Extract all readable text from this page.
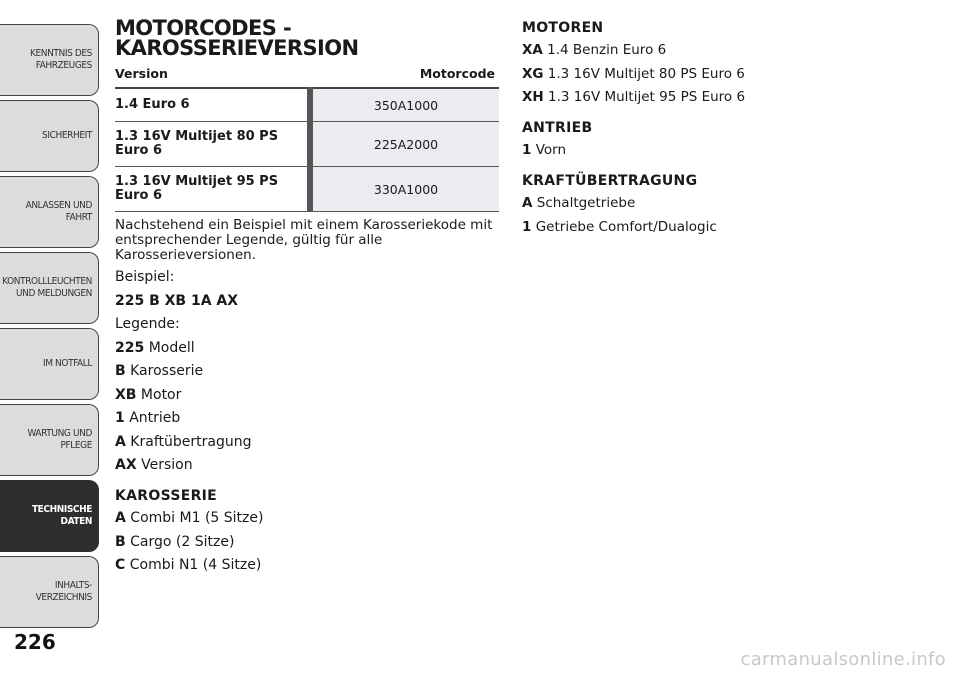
KENNTNIS DES
FAHRZEUGES
SICHERHEIT
ANLASSEN UND
FAHRT
KONTROLLLEUCHTEN
UND MELDUNGEN
IM NOTFALL
WARTUNG UND
PFLEGE
TECHNISCHE
DATEN
INHALTS-
VERZEICHNIS
226
MOTORCODES -
KAROSSERIEVERSION
Version	Motorcode
1.4 Euro 6	350A1000
1.3 16V Multijet 80 PS Euro 6	225A2000
1.3 16V Multijet 95 PS Euro 6	330A1000

Nachstehend ein Beispiel mit einem Karosseriekode mit entsprechender Legende, gültig für alle Karosserieversionen.

Beispiel:

225 B XB 1A AX

Legende:

225 Modell

B Karosserie

XB Motor

1 Antrieb

A Kraftübertragung

AX Version

KAROSSERIE

A Combi M1 (5 Sitze)

B Cargo (2 Sitze)

C Combi N1 (4 Sitze)

MOTOREN

XA 1.4 Benzin Euro 6

XG 1.3 16V Multijet 80 PS Euro 6

XH 1.3 16V Multijet 95 PS Euro 6

ANTRIEB

1 Vorn

KRAFTÜBERTRAGUNG

A Schaltgetriebe

1 Getriebe Comfort/Dualogic

carmanualsonline.info
